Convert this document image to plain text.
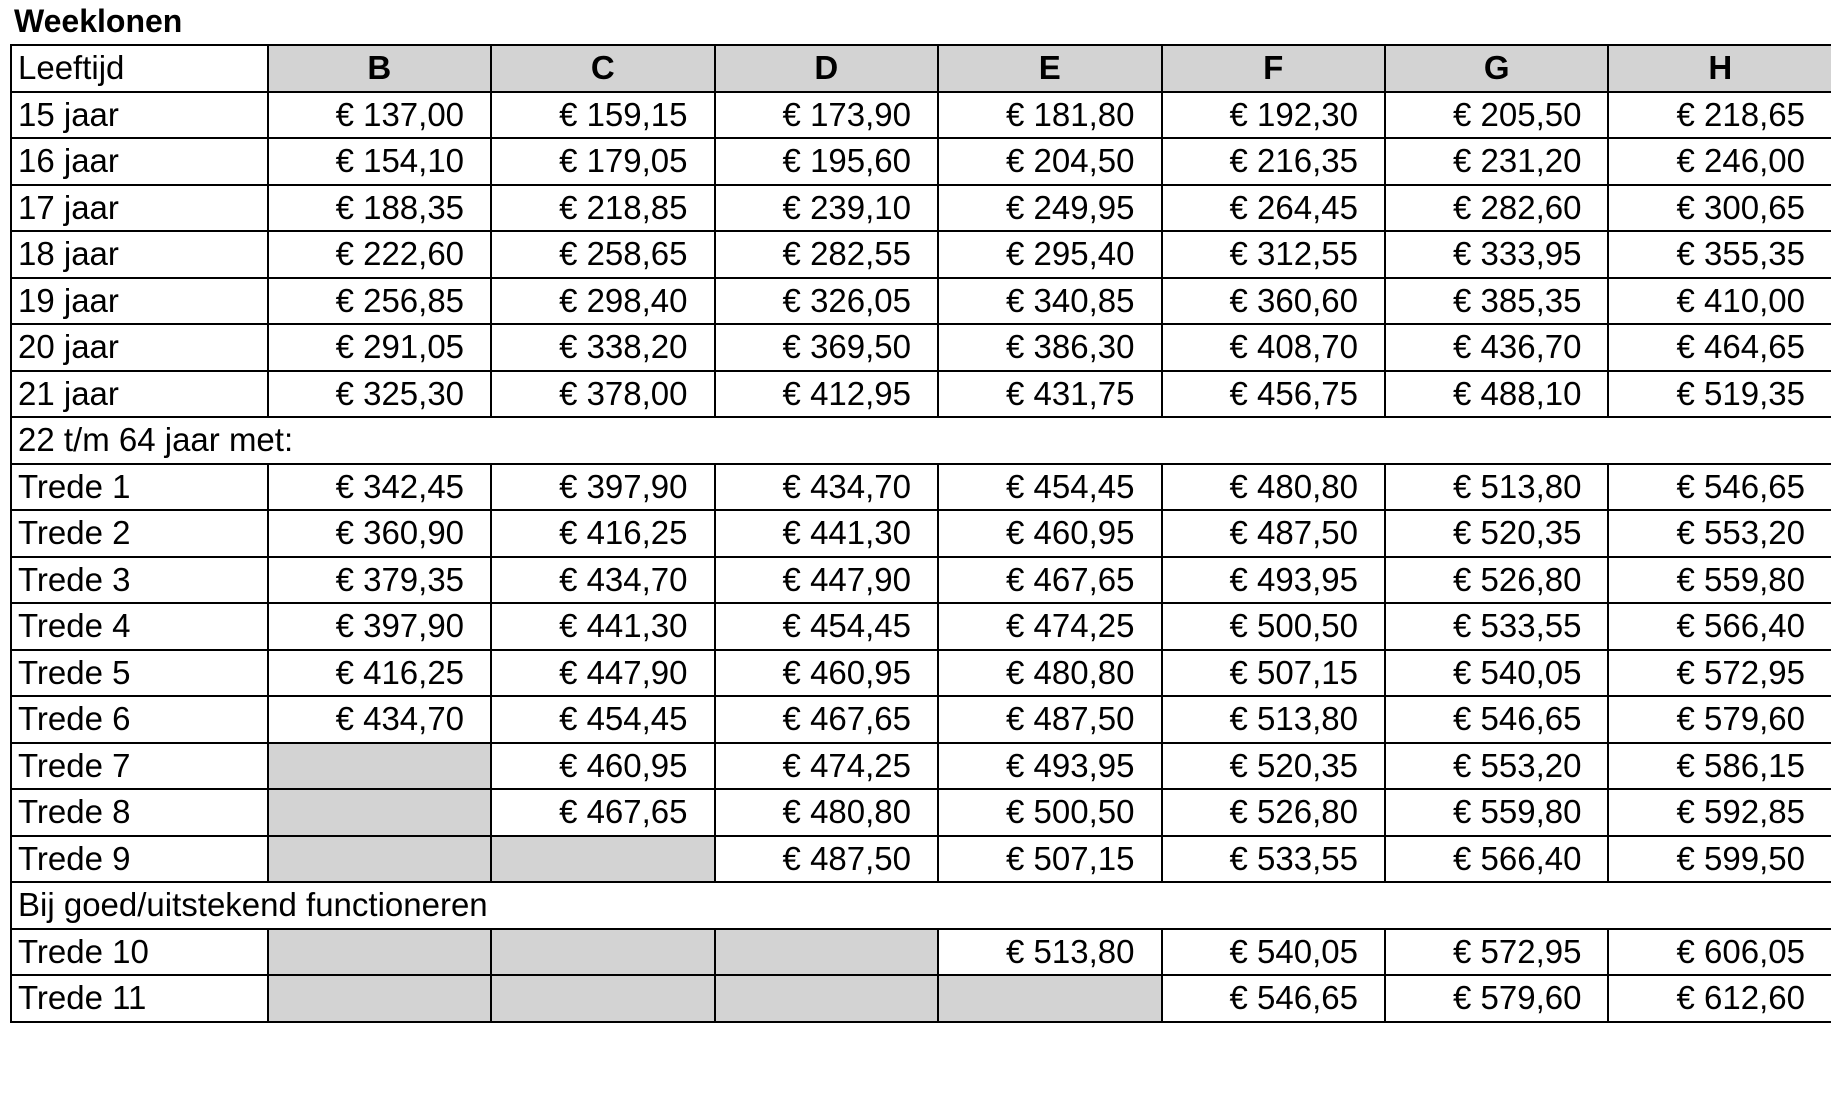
Weeklonen
Leeftijd	B	C	D	E	F	G	H
15 jaar	€ 137,00	€ 159,15	€ 173,90	€ 181,80	€ 192,30	€ 205,50	€ 218,65
16 jaar	€ 154,10	€ 179,05	€ 195,60	€ 204,50	€ 216,35	€ 231,20	€ 246,00
17 jaar	€ 188,35	€ 218,85	€ 239,10	€ 249,95	€ 264,45	€ 282,60	€ 300,65
18 jaar	€ 222,60	€ 258,65	€ 282,55	€ 295,40	€ 312,55	€ 333,95	€ 355,35
19 jaar	€ 256,85	€ 298,40	€ 326,05	€ 340,85	€ 360,60	€ 385,35	€ 410,00
20 jaar	€ 291,05	€ 338,20	€ 369,50	€ 386,30	€ 408,70	€ 436,70	€ 464,65
21 jaar	€ 325,30	€ 378,00	€ 412,95	€ 431,75	€ 456,75	€ 488,10	€ 519,35
22 t/m 64 jaar met:							
Trede 1	€ 342,45	€ 397,90	€ 434,70	€ 454,45	€ 480,80	€ 513,80	€ 546,65
Trede 2	€ 360,90	€ 416,25	€ 441,30	€ 460,95	€ 487,50	€ 520,35	€ 553,20
Trede 3	€ 379,35	€ 434,70	€ 447,90	€ 467,65	€ 493,95	€ 526,80	€ 559,80
Trede 4	€ 397,90	€ 441,30	€ 454,45	€ 474,25	€ 500,50	€ 533,55	€ 566,40
Trede 5	€ 416,25	€ 447,90	€ 460,95	€ 480,80	€ 507,15	€ 540,05	€ 572,95
Trede 6	€ 434,70	€ 454,45	€ 467,65	€ 487,50	€ 513,80	€ 546,65	€ 579,60
Trede 7		€ 460,95	€ 474,25	€ 493,95	€ 520,35	€ 553,20	€ 586,15
Trede 8		€ 467,65	€ 480,80	€ 500,50	€ 526,80	€ 559,80	€ 592,85
Trede 9			€ 487,50	€ 507,15	€ 533,55	€ 566,40	€ 599,50
Bij goed/uitstekend functioneren							
Trede 10				€ 513,80	€ 540,05	€ 572,95	€ 606,05
Trede 11					€ 546,65	€ 579,60	€ 612,60
